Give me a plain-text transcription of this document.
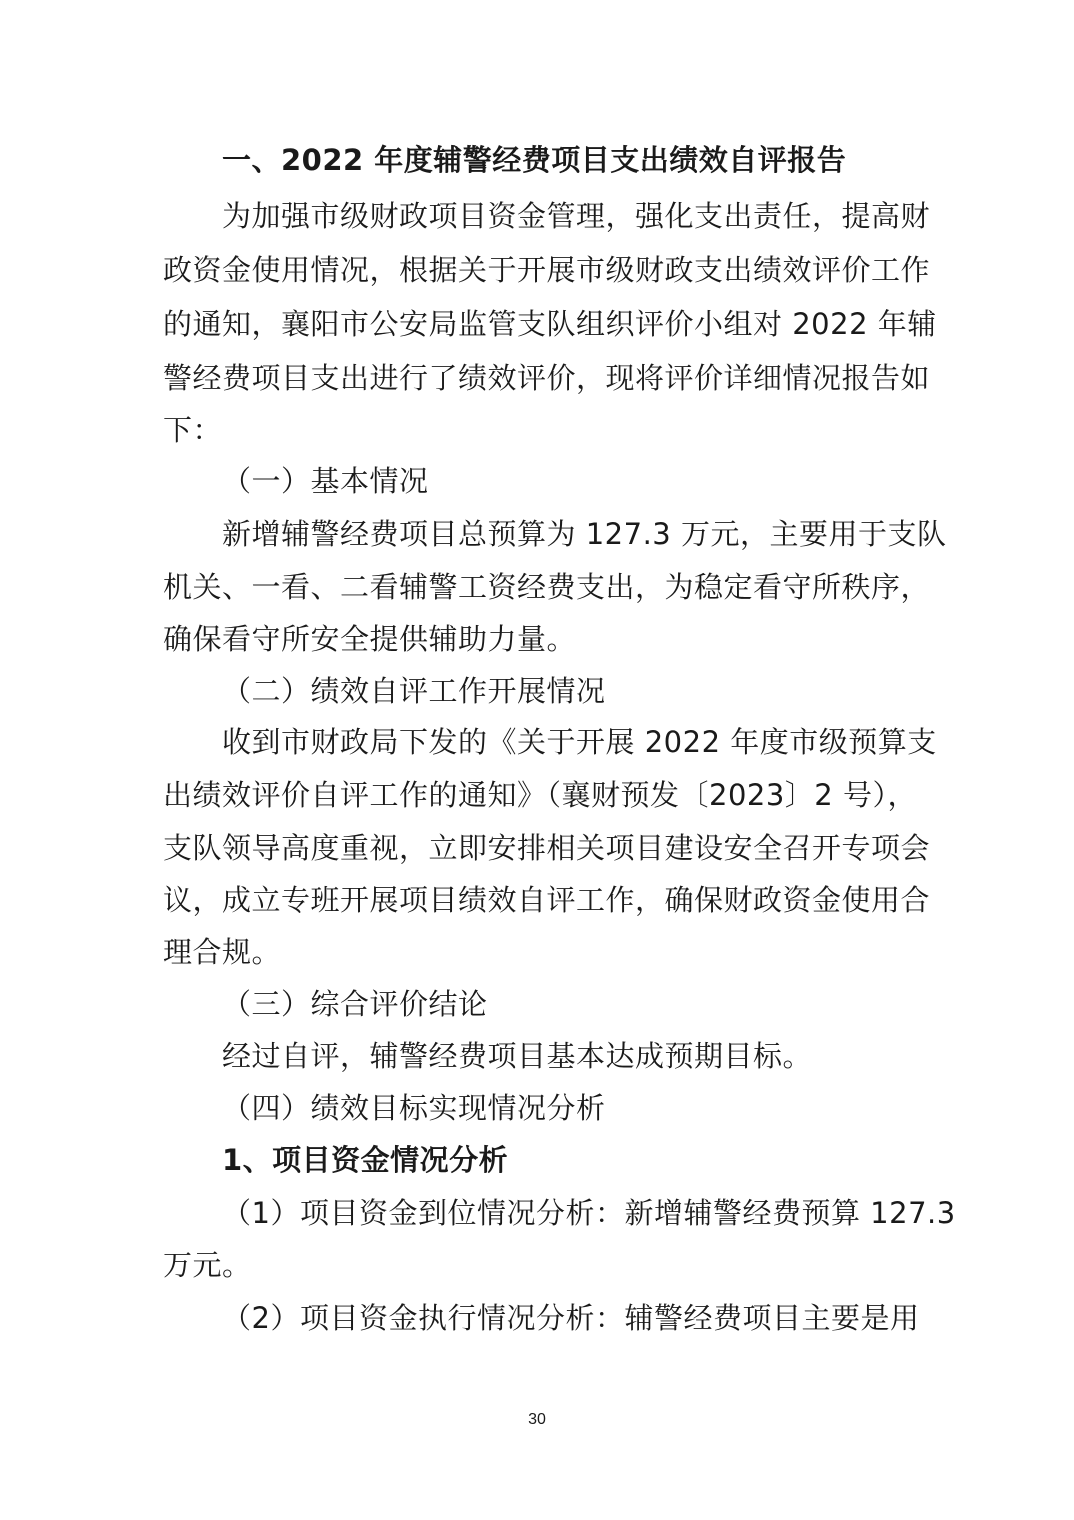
一、2022 年度辅警经费项目支出绩效自评报告
为加强市级财政项目资金管理，强化支出责任，提高财
政资金使用情况，根据关于开展市级财政支出绩效评价工作
的通知，襄阳市公安局监管支队组织评价小组对 2022 年辅
警经费项目支出进行了绩效评价，现将评价详细情况报告如
下：
（一）基本情况
新增辅警经费项目总预算为 127.3 万元，主要用于支队
机关、一看、二看辅警工资经费支出，为稳定看守所秩序，
确保看守所安全提供辅助力量。
（二）绩效自评工作开展情况
收到市财政局下发的《关于开展 2022 年度市级预算支
出绩效评价自评工作的通知》（襄财预发〔2023〕2 号），
支队领导高度重视，立即安排相关项目建设安全召开专项会
议，成立专班开展项目绩效自评工作，确保财政资金使用合
理合规。
（三）综合评价结论
经过自评，辅警经费项目基本达成预期目标。
（四）绩效目标实现情况分析
1、项目资金情况分析
（1）项目资金到位情况分析：新增辅警经费预算 127.3
万元。
（2）项目资金执行情况分析：辅警经费项目主要是用
30
